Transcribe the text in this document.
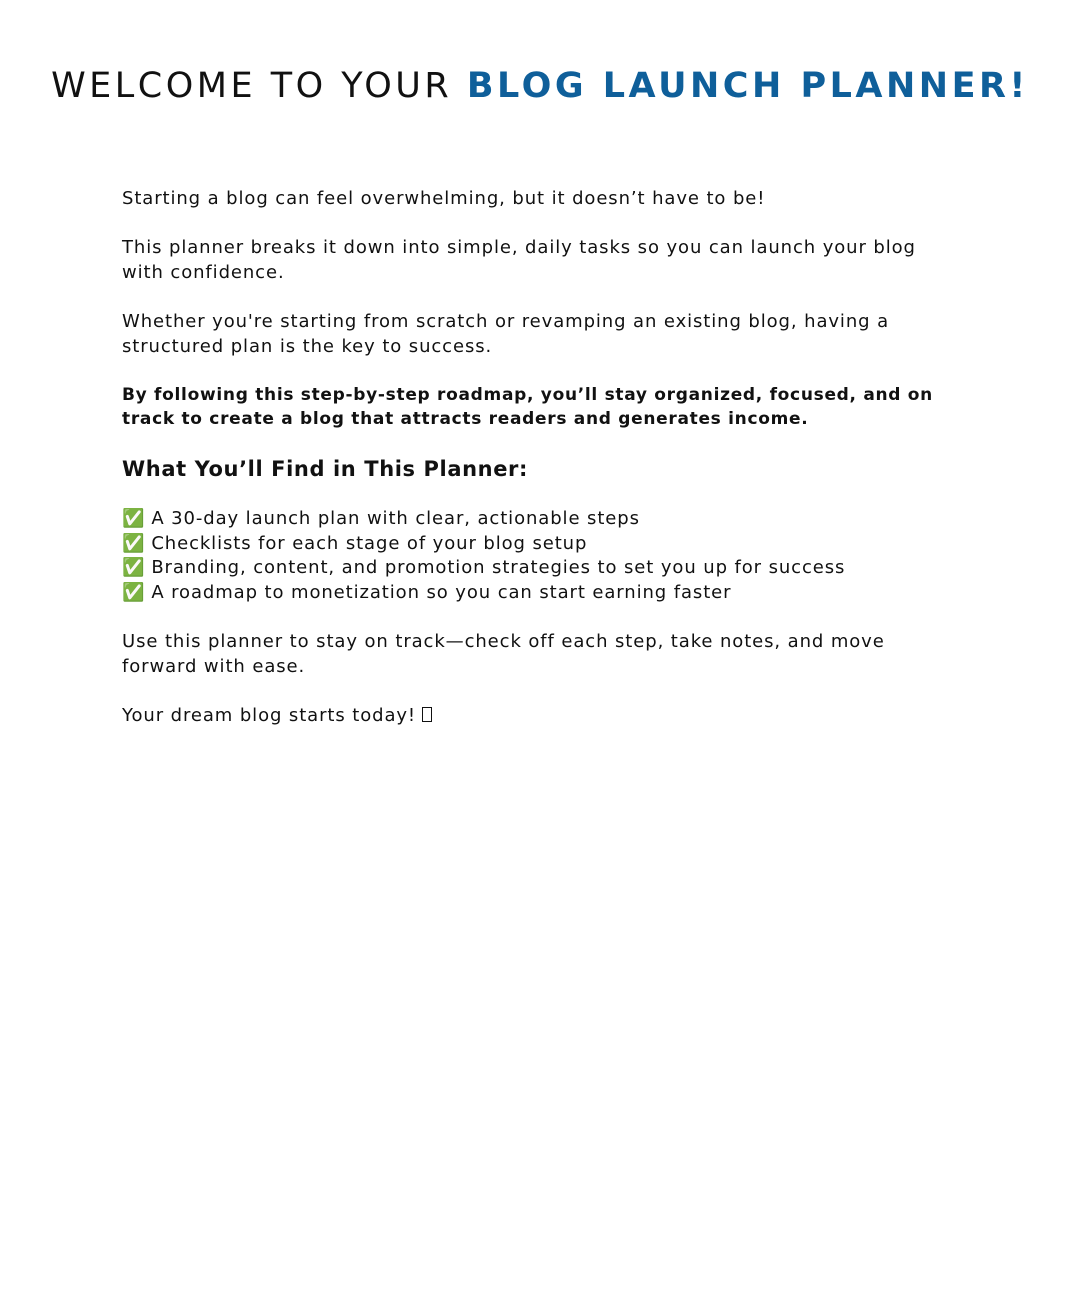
WELCOME TO YOUR BLOG LAUNCH PLANNER!

Starting a blog can feel overwhelming, but it doesn’t have to be!

This planner breaks it down into simple, daily tasks so you can launch your blog with confidence.

Whether you're starting from scratch or revamping an existing blog, having a structured plan is the key to success.

By following this step-by-step roadmap, you’ll stay organized, focused, and on track to create a blog that attracts readers and generates income.

What You’ll Find in This Planner:
✅ A 30-day launch plan with clear, actionable steps
✅ Checklists for each stage of your blog setup
✅ Branding, content, and promotion strategies to set you up for success
✅ A roadmap to monetization so you can start earning faster

Use this planner to stay on track—check off each step, take notes, and move forward with ease.

Your dream blog starts today!
